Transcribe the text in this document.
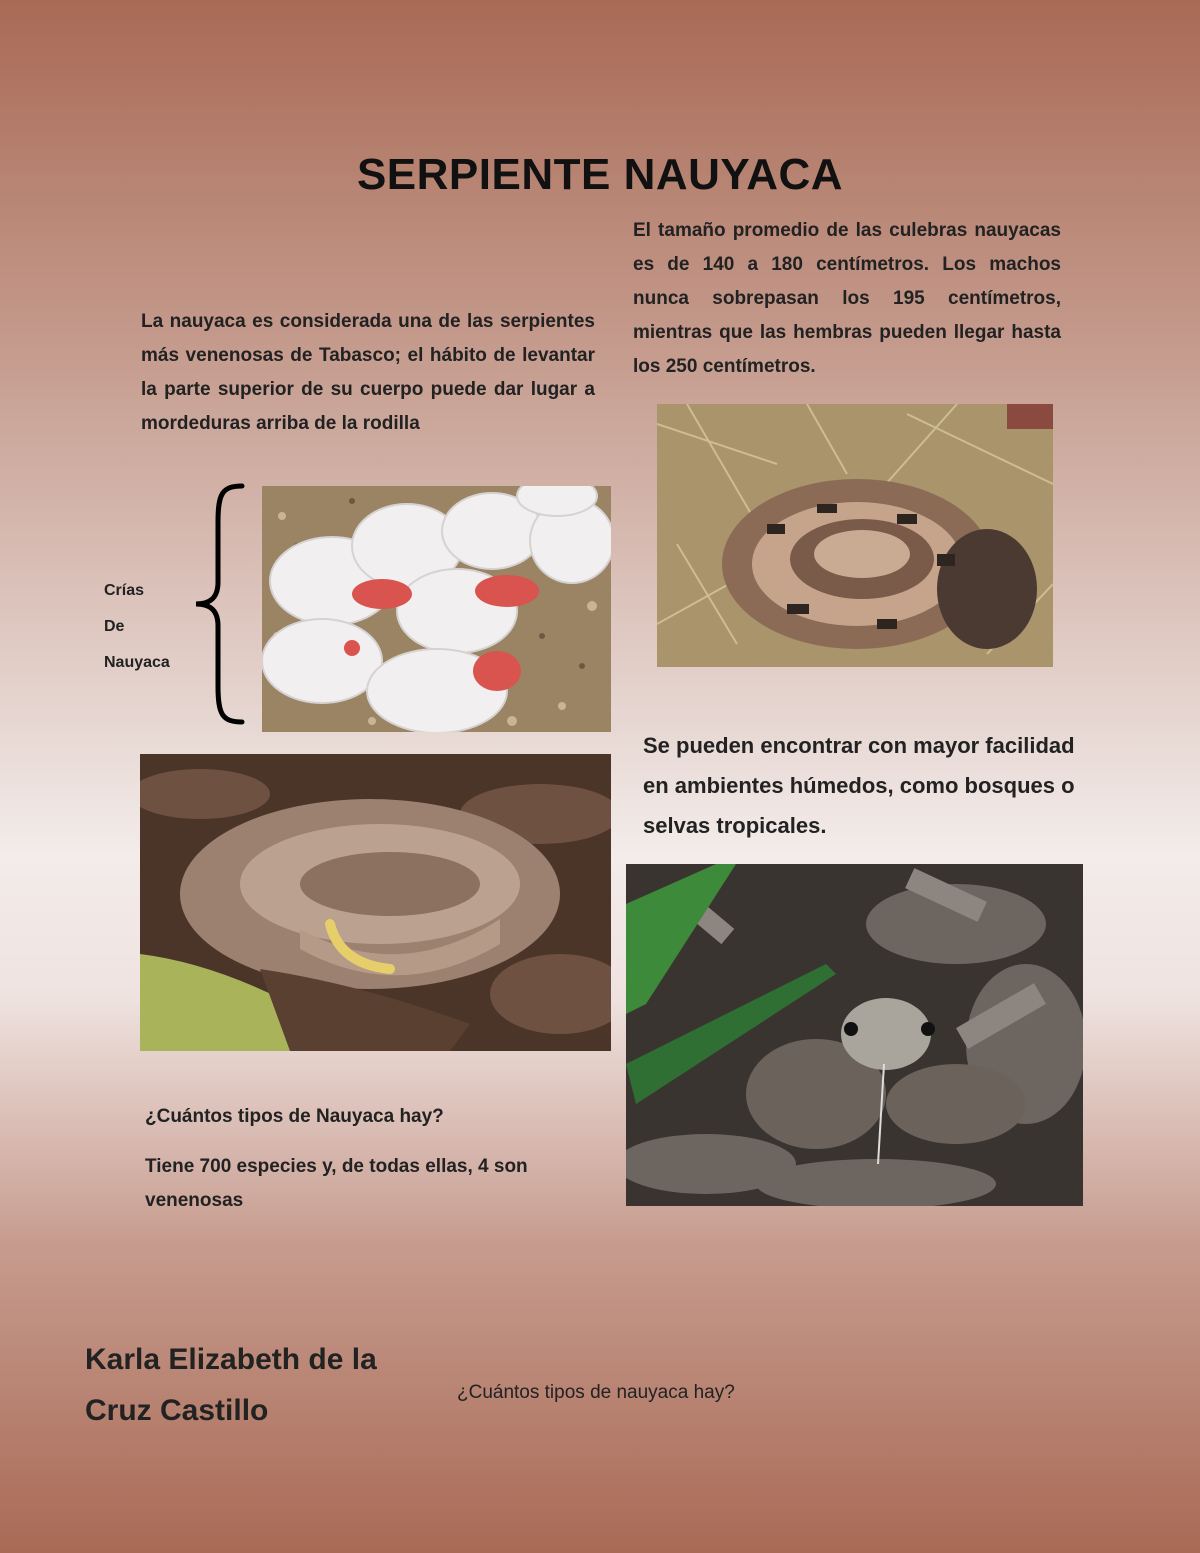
SERPIENTE NAUYACA
El tamaño promedio de las culebras nauyacas es de 140 a 180 centímetros. Los machos nunca sobrepasan los 195 centímetros, mientras que las hembras pueden llegar hasta los 250 centímetros.
La nauyaca es considerada una de las serpientes más venenosas de Tabasco; el hábito de levantar la parte superior de su cuerpo puede dar lugar a mordeduras arriba de la rodilla
Crías
De
Nauyaca
Se pueden encontrar con mayor facilidad en ambientes húmedos, como bosques o selvas tropicales.
¿Cuántos tipos de Nauyaca hay?
Tiene 700 especies y, de todas ellas, 4 son venenosas
Karla Elizabeth de la
Cruz Castillo
¿Cuántos tipos de nauyaca hay?
